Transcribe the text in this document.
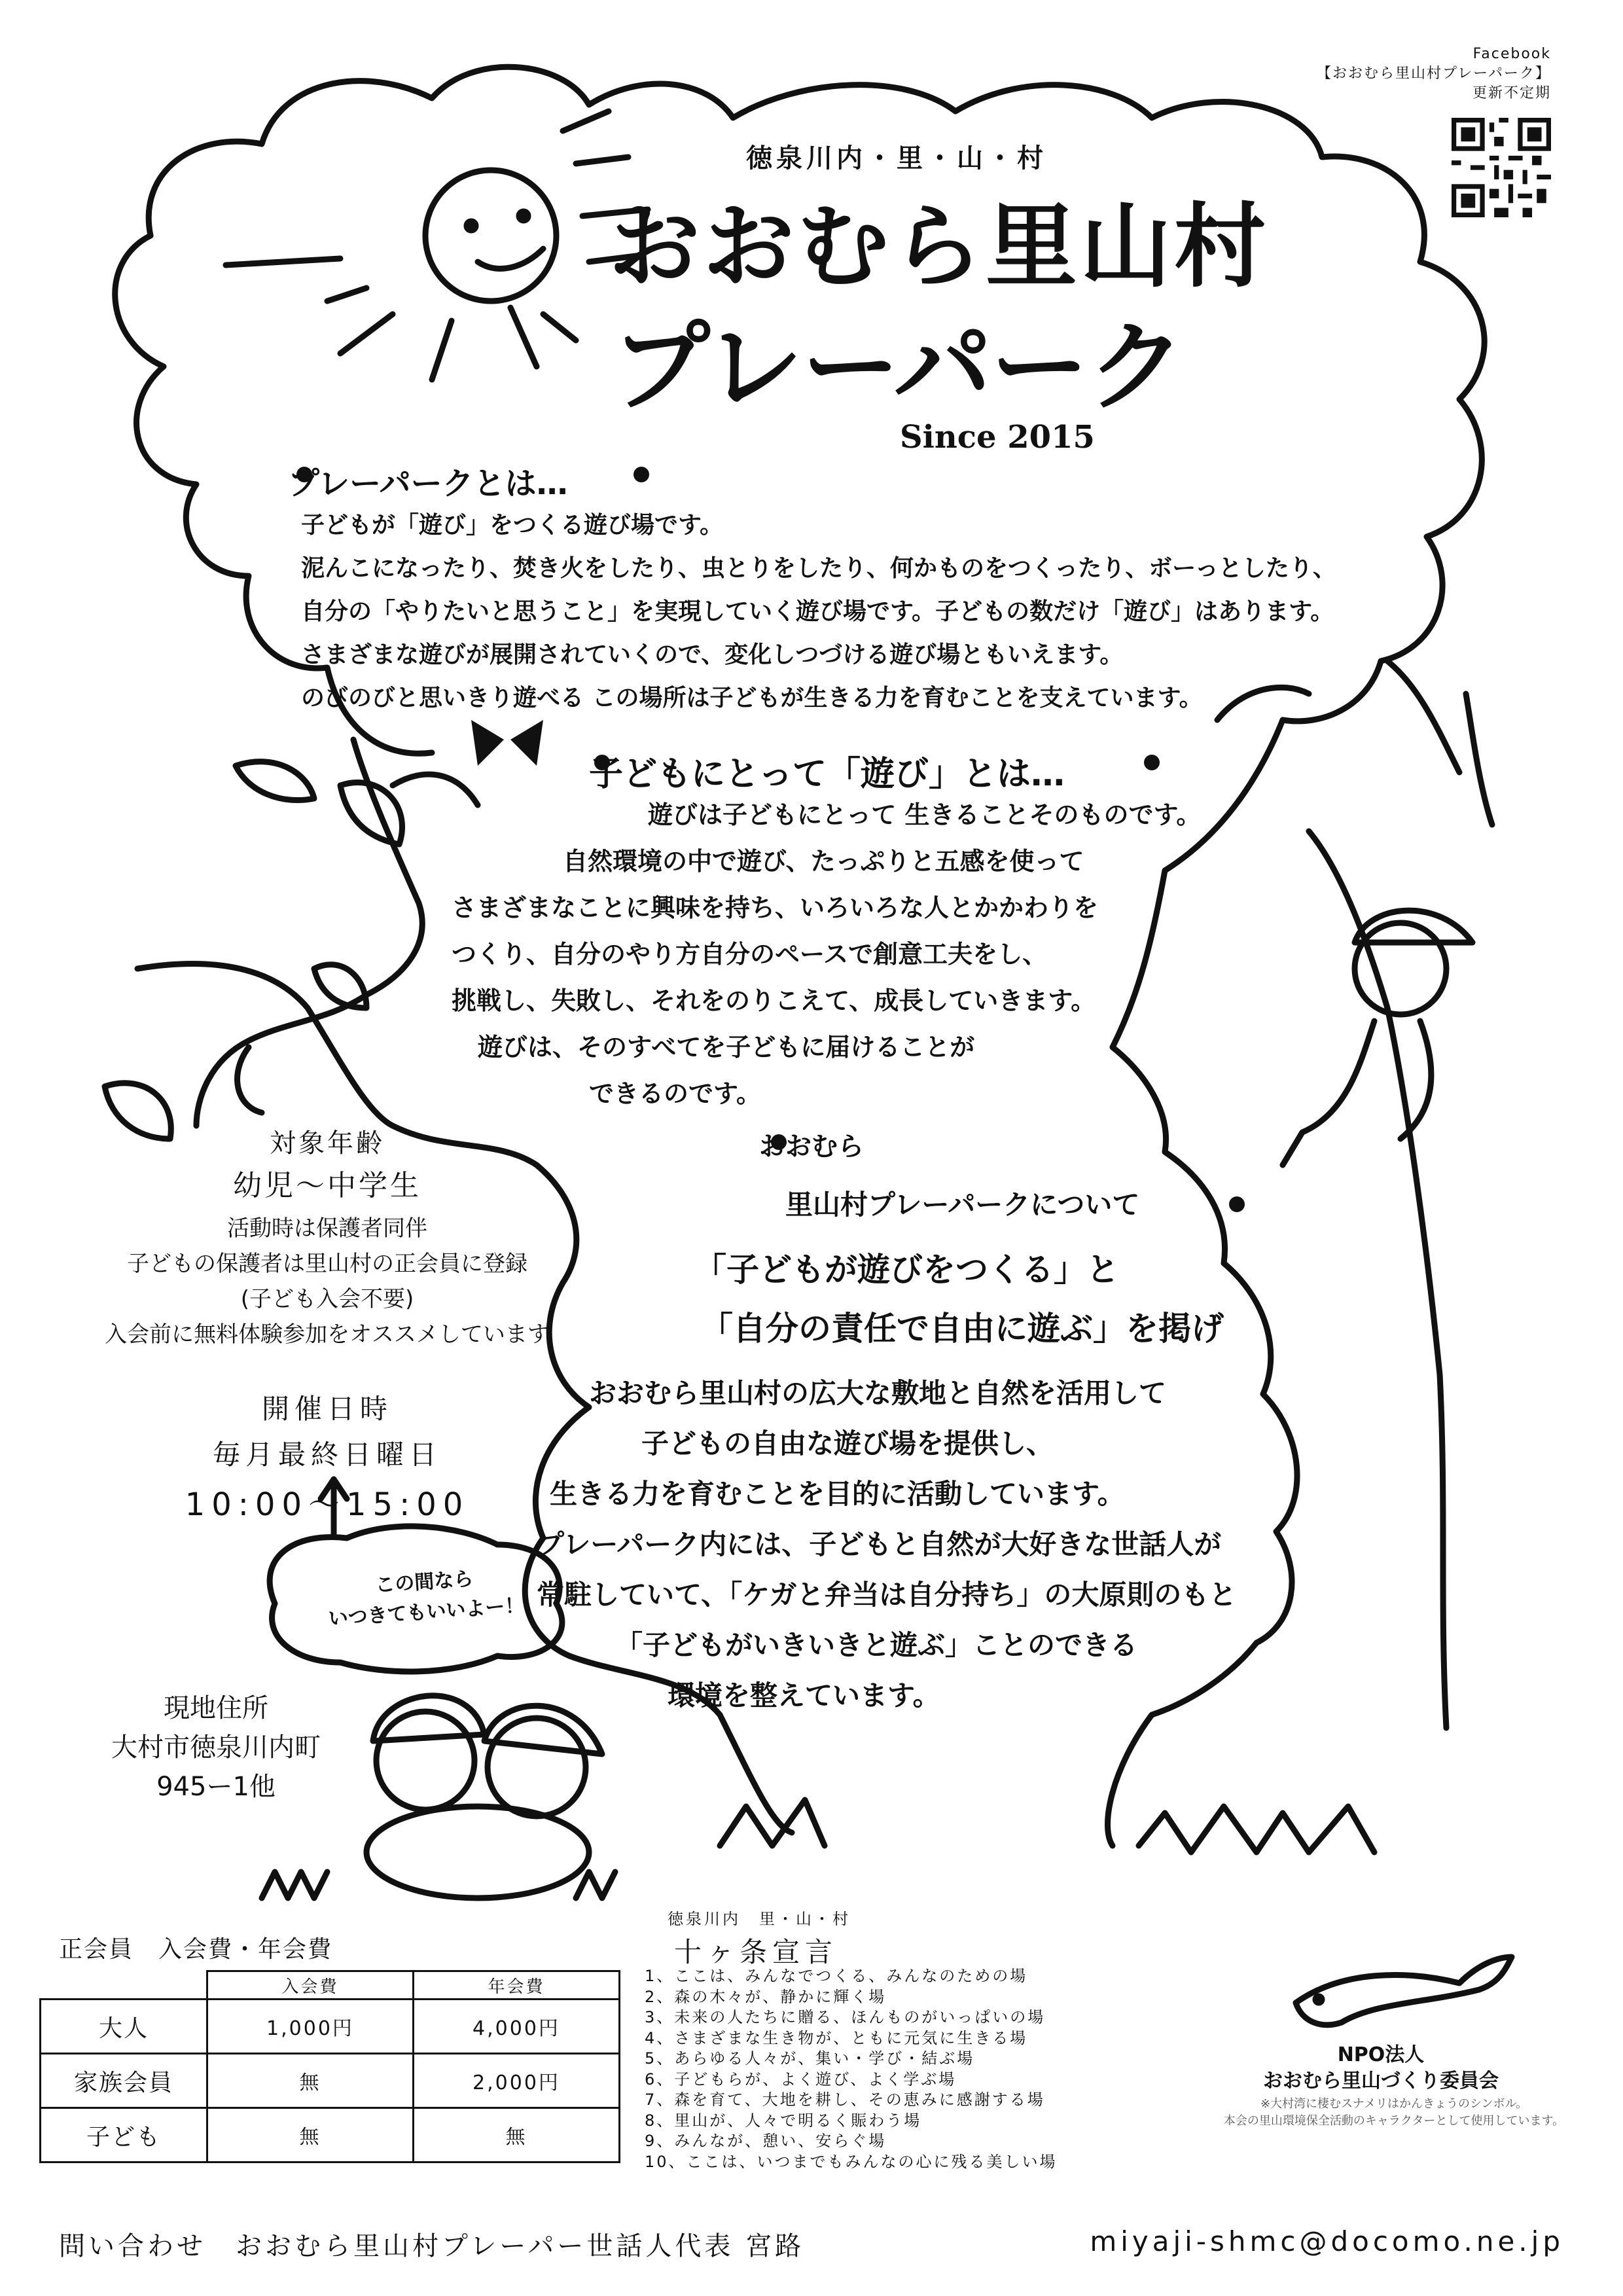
Facebook
【おおむら里山村プレーパーク】
更新不定期
徳泉川内・里・山・村
おおむら里山村
プレーパーク
Since 2015
プレーパークとは…
子どもが「遊び」をつくる遊び場です。
泥んこになったり、焚き火をしたり、虫とりをしたり、何かものをつくったり、ボーっとしたり、
自分の「やりたいと思うこと」を実現していく遊び場です。子どもの数だけ「遊び」はあります。
さまざまな遊びが展開されていくので、変化しつづける遊び場ともいえます。
のびのびと思いきり遊べる この場所は子どもが生きる力を育むことを支えています。
子どもにとって「遊び」とは…
遊びは子どもにとって 生きることそのものです。
自然環境の中で遊び、たっぷりと五感を使って
さまざまなことに興味を持ち、いろいろな人とかかわりを
つくり、自分のやり方自分のペースで創意工夫をし、
挑戦し、失敗し、それをのりこえて、成長していきます。
遊びは、そのすべてを子どもに届けることが
できるのです。
おおむら
里山村プレーパークについて
「子どもが遊びをつくる」と
「自分の責任で自由に遊ぶ」を掲げ
おおむら里山村の広大な敷地と自然を活用して
子どもの自由な遊び場を提供し、
生きる力を育むことを目的に活動しています。
プレーパーク内には、子どもと自然が大好きな世話人が
常駐していて、「ケガと弁当は自分持ち」の大原則のもと
「子どもがいきいきと遊ぶ」ことのできる
環境を整えています。
対象年齢
幼児～中学生
活動時は保護者同伴
子どもの保護者は里山村の正会員に登録
(子ども入会不要)
入会前に無料体験参加をオススメしています
開催日時
毎月最終日曜日
10:00～15:00
この間なら
いつきてもいいよー！
現地住所
大村市徳泉川内町
945ー1他
正会員　入会費・年会費
	入会費	年会費
大人	1,000円	4,000円
家族会員	無	2,000円
子ども	無	無
徳泉川内　里・山・村
十ヶ条宣言
1、ここは、みんなでつくる、みんなのための場
2、森の木々が、静かに輝く場
3、未来の人たちに贈る、ほんものがいっぱいの場
4、さまざまな生き物が、ともに元気に生きる場
5、あらゆる人々が、集い・学び・結ぶ場
6、子どもらが、よく遊び、よく学ぶ場
7、森を育て、大地を耕し、その恵みに感謝する場
8、里山が、人々で明るく賑わう場
9、みんなが、憩い、安らぐ場
10、ここは、いつまでもみんなの心に残る美しい場
NPO法人
おおむら里山づくり委員会
※大村湾に棲むスナメリはかんきょうのシンボル。
本会の里山環境保全活動のキャラクターとして使用しています。
問い合わせ　おおむら里山村プレーパー世話人代表 宮路	miyaji-shmc@docomo.ne.jp
